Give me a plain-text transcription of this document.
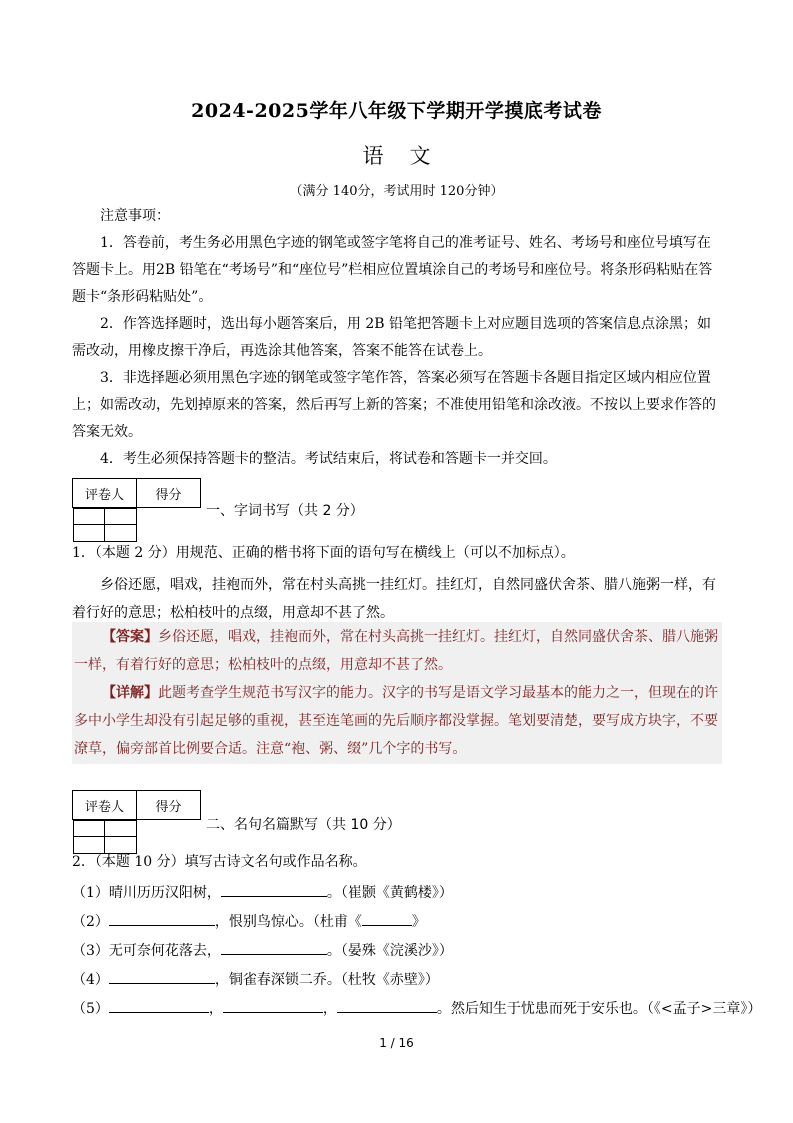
2024-2025学年八年级下学期开学摸底考试卷
语文
（满分 140分，考试用时 120分钟）
注意事项：

1．答卷前，考生务必用黑色字迹的钢笔或签字笔将自己的准考证号、姓名、考场号和座位号填写在答题卡上。用2B 铅笔在“考场号”和“座位号”栏相应位置填涂自己的考场号和座位号。将条形码粘贴在答题卡“条形码粘贴处”。

2．作答选择题时，选出每小题答案后，用 2B 铅笔把答题卡上对应题目选项的答案信息点涂黑；如需改动，用橡皮擦干净后，再选涂其他答案，答案不能答在试卷上。

3．非选择题必须用黑色字迹的钢笔或签字笔作答，答案必须写在答题卡各题目指定区域内相应位置上；如需改动，先划掉原来的答案，然后再写上新的答案；不准使用铅笔和涂改液。不按以上要求作答的答案无效。

4．考生必须保持答题卡的整洁。考试结束后，将试卷和答题卡一并交回。

评卷人	得分

一、字词书写（共 2 分）

1．（本题 2 分）用规范、正确的楷书将下面的语句写在横线上（可以不加标点）。

乡俗还愿，唱戏，挂袍而外，常在村头高挑一挂红灯。挂红灯，自然同盛伏舍茶、腊八施粥一样，有着行好的意思；松柏枝叶的点缀，用意却不甚了然。

【答案】乡俗还愿，唱戏，挂袍而外，常在村头高挑一挂红灯。挂红灯，自然同盛伏舍茶、腊八施粥一样，有着行好的意思；松柏枝叶的点缀，用意却不甚了然。

【详解】此题考查学生规范书写汉字的能力。汉字的书写是语文学习最基本的能力之一，但现在的许多中小学生却没有引起足够的重视，甚至连笔画的先后顺序都没掌握。笔划要清楚，要写成方块字，不要潦草，偏旁部首比例要合适。注意“袍、粥、缀”几个字的书写。

评卷人	得分

二、名句名篇默写（共 10 分）
2．（本题 10 分）填写古诗文名句或作品名称。
（1）晴川历历汉阳树，	。（崔颢《黄鹤楼》）
（2）	，恨别鸟惊心。（杜甫《	》
（3）无可奈何花落去，	。（晏殊《浣溪沙》）
（4）	，铜雀春深锁二乔。（杜牧《赤壁》）
（5）	，	，	。然后知生于忧患而死于安乐也。（《<孟子>三章》）
1 / 16
